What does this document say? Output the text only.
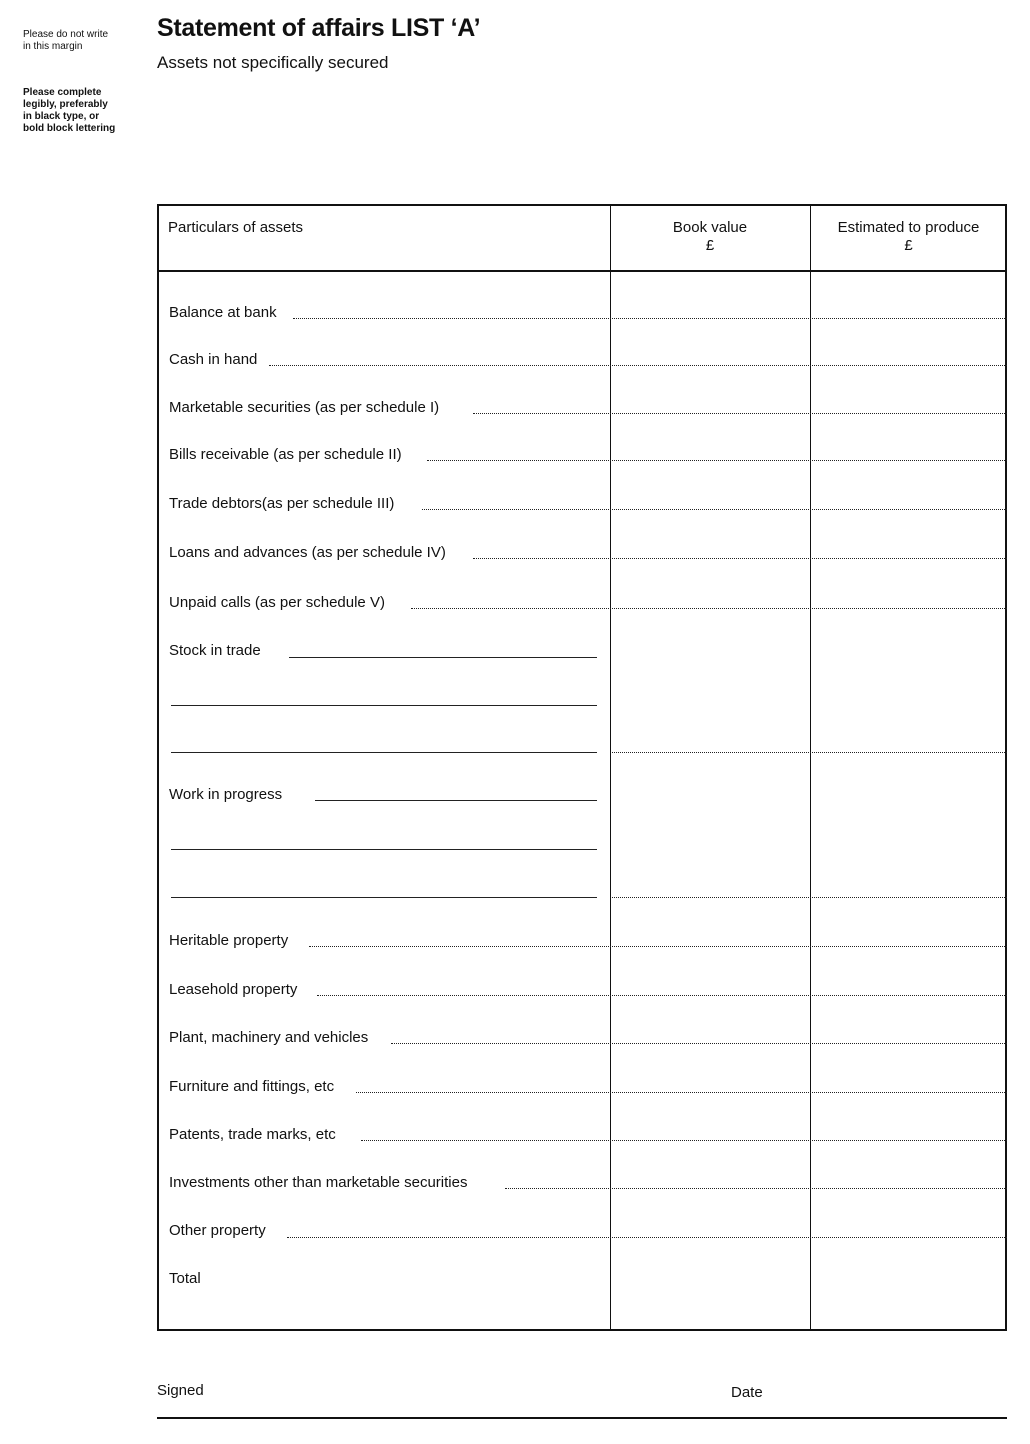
Please do not write
in this margin
Please complete
legibly, preferably
in black type, or
bold block lettering
Statement of affairs LIST ‘A’
Assets not specifically secured
Particulars of assets	Book value
£
Estimated to produce
£
Balance at bank
Cash in hand
Marketable securities (as per schedule I)
Bills receivable (as per schedule II)
Trade debtors(as per schedule III)
Loans and advances (as per schedule IV)
Unpaid calls (as per schedule V)
Stock in trade
Work in progress
Heritable property
Leasehold property
Plant, machinery and vehicles
Furniture and fittings, etc
Patents, trade marks, etc
Investments other than marketable securities
Other property
Total
Signed	Date
